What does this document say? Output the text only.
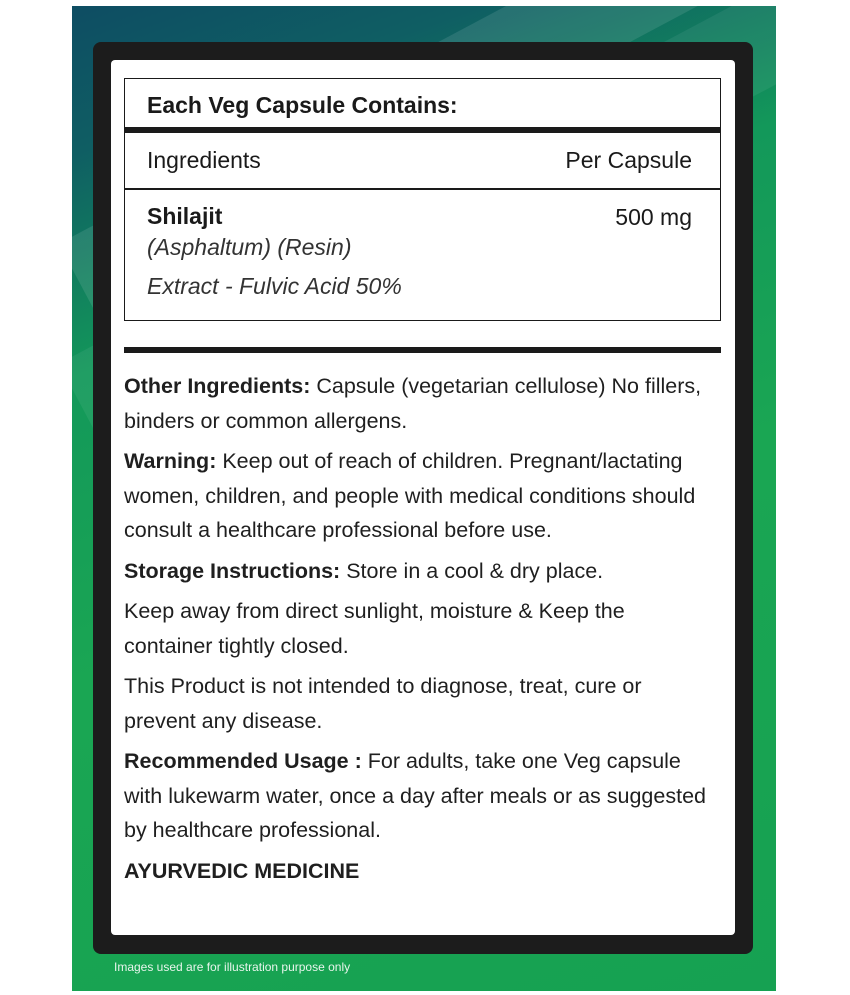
Each Veg Capsule Contains:
Ingredients	Per Capsule
Shilajit	500 mg
(Asphaltum) (Resin)
Extract - Fulvic Acid 50%

Other Ingredients: Capsule (vegetarian cellulose) No fillers, binders or common allergens.

Warning: Keep out of reach of children. Pregnant/lactating women, children, and people with medical conditions should consult a healthcare professional before use.

Storage Instructions: Store in a cool & dry place.

Keep away from direct sunlight, moisture & Keep the container tightly closed.

This Product is not intended to diagnose, treat, cure or prevent any disease.

Recommended Usage : For adults, take one Veg capsule with lukewarm water, once a day after meals or as suggested by healthcare professional.

AYURVEDIC MEDICINE

Images used are for illustration purpose only
